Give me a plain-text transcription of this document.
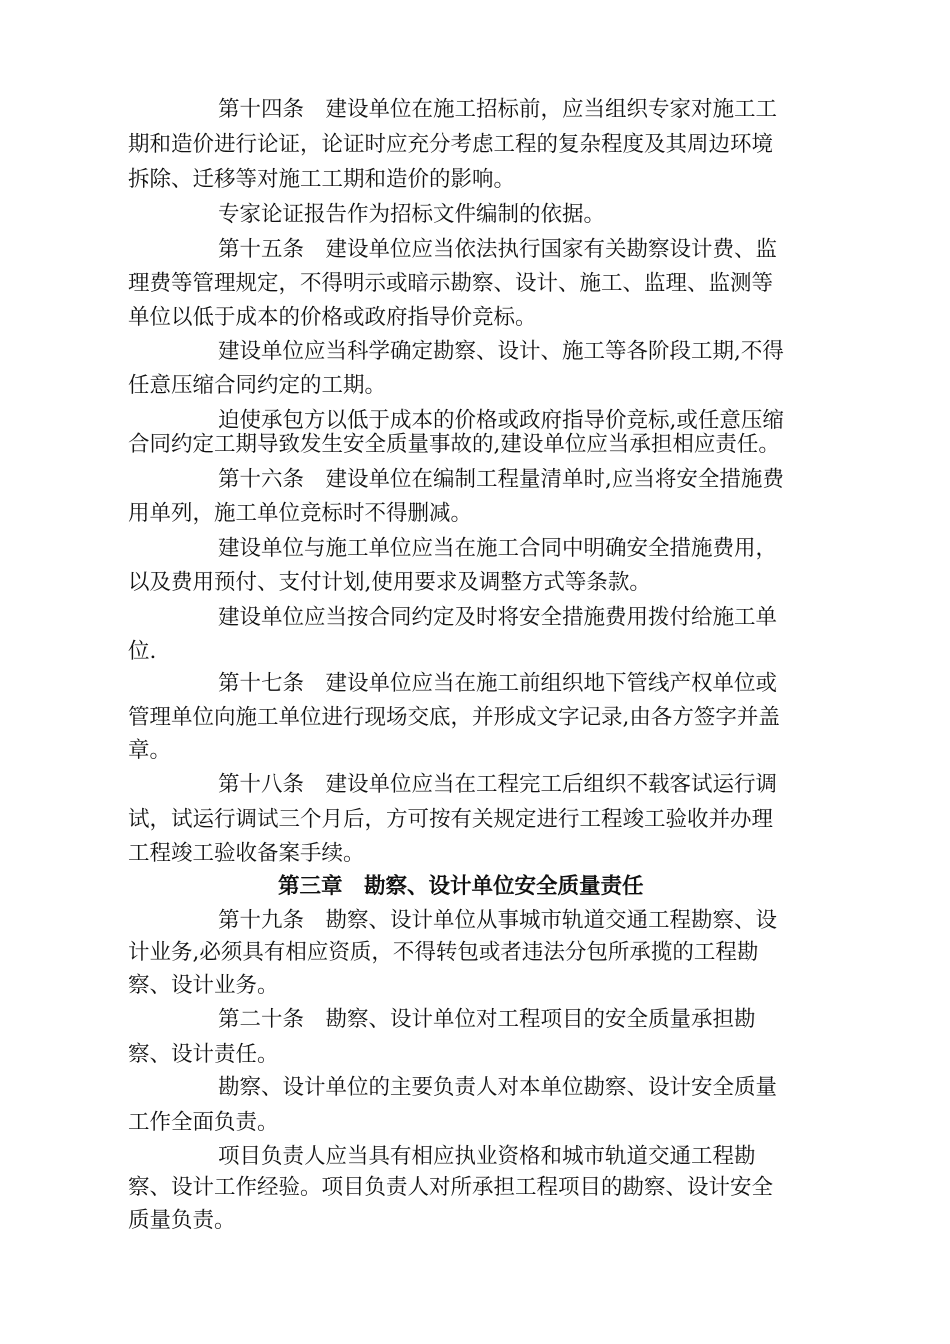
第十四条　建设单位在施工招标前，应当组织专家对施工工
期和造价进行论证，论证时应充分考虑工程的复杂程度及其周边环境
拆除、迁移等对施工工期和造价的影响。
专家论证报告作为招标文件编制的依据。
第十五条　建设单位应当依法执行国家有关勘察设计费、监
理费等管理规定，不得明示或暗示勘察、设计、施工、监理、监测等
单位以低于成本的价格或政府指导价竞标。
建设单位应当科学确定勘察、设计、施工等各阶段工期,不得
任意压缩合同约定的工期。
迫使承包方以低于成本的价格或政府指导价竞标,或任意压缩
合同约定工期导致发生安全质量事故的,建设单位应当承担相应责任。
第十六条　建设单位在编制工程量清单时,应当将安全措施费
用单列，施工单位竞标时不得删减。
建设单位与施工单位应当在施工合同中明确安全措施费用，
以及费用预付、支付计划,使用要求及调整方式等条款。
建设单位应当按合同约定及时将安全措施费用拨付给施工单
位.
第十七条　建设单位应当在施工前组织地下管线产权单位或
管理单位向施工单位进行现场交底，并形成文字记录,由各方签字并盖
章。
第十八条　建设单位应当在工程完工后组织不载客试运行调
试，试运行调试三个月后，方可按有关规定进行工程竣工验收并办理
工程竣工验收备案手续。
第三章　勘察、设计单位安全质量责任
第十九条　勘察、设计单位从事城市轨道交通工程勘察、设
计业务,必须具有相应资质，不得转包或者违法分包所承揽的工程勘
察、设计业务。
第二十条　勘察、设计单位对工程项目的安全质量承担勘
察、设计责任。
勘察、设计单位的主要负责人对本单位勘察、设计安全质量
工作全面负责。
项目负责人应当具有相应执业资格和城市轨道交通工程勘
察、设计工作经验。项目负责人对所承担工程项目的勘察、设计安全
质量负责。
